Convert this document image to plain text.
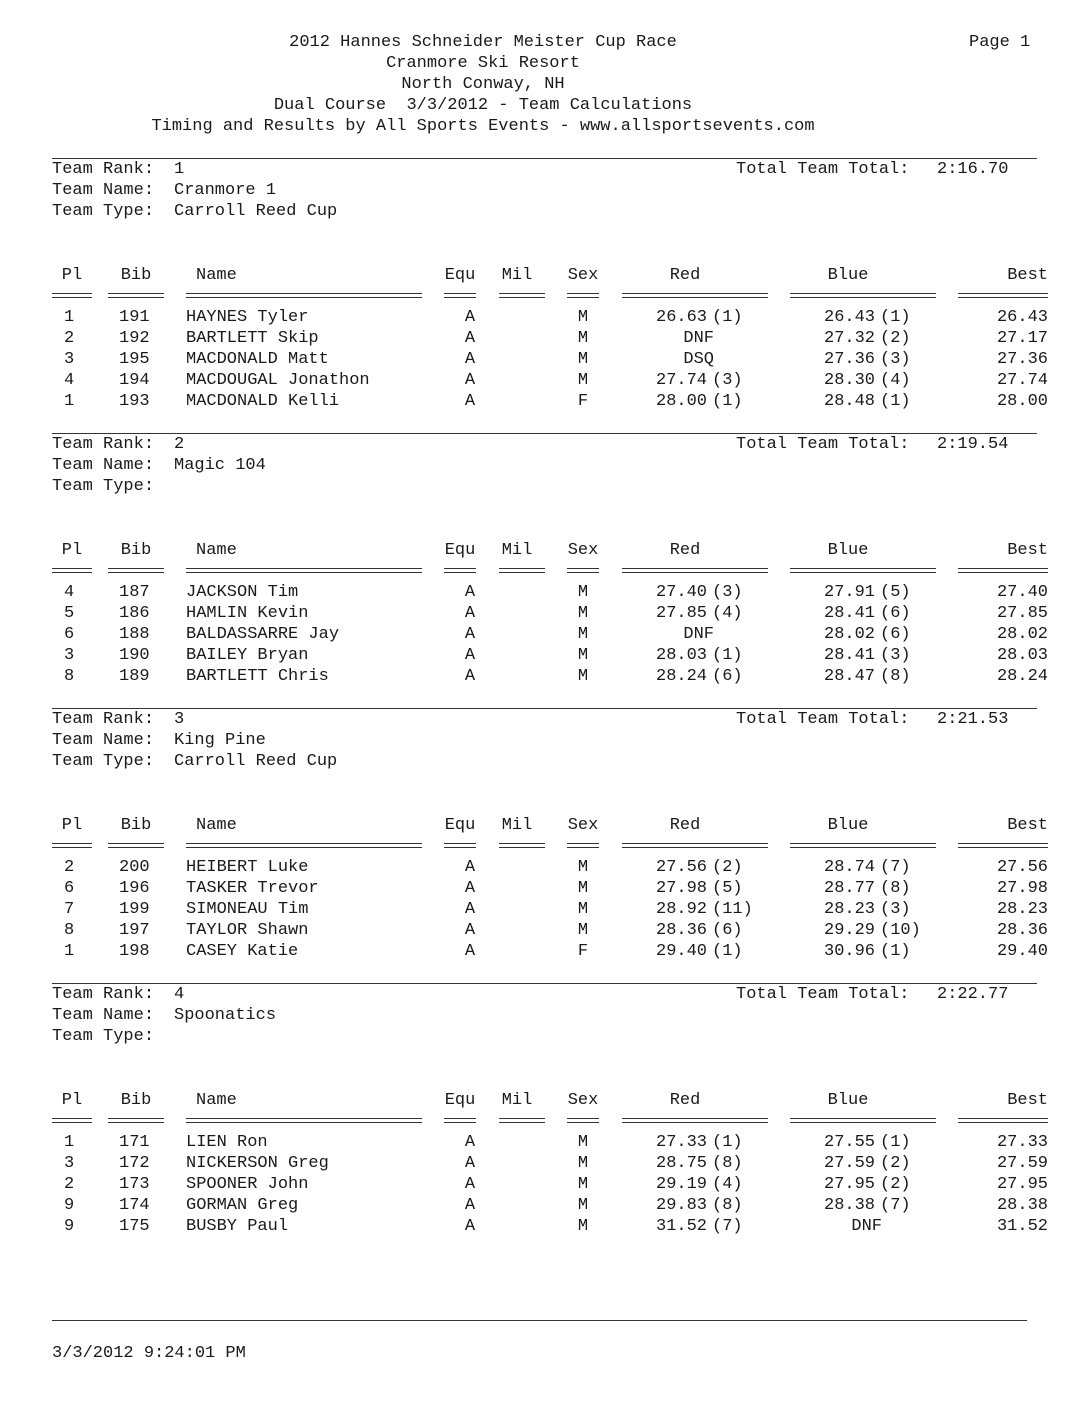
2012 Hannes Schneider Meister Cup Race
Cranmore Ski Resort
North Conway, NH
Dual Course  3/3/2012 - Team Calculations
Timing and Results by All Sports Events - www.allsportsevents.com
Page 1
Team Rank: 1	Total Team Total: 2:16.70
Team Name: Cranmore 1
Team Type: Carroll Reed Cup
Pl	Bib	Name	Equ	Mil	Sex	Red	Blue	Best
1	191 HAYNES Tyler	A	M	26.63 (1)	26.43 (1)	26.43
2	192 BARTLETT Skip	A	M	DNF	27.32 (2)	27.17
3	195 MACDONALD Matt	A	M	DSQ	27.36 (3)	27.36
4	194 MACDOUGAL Jonathon	A	M	27.74 (3)	28.30 (4)	27.74
1	193 MACDONALD Kelli	A	F	28.00 (1)	28.48 (1)	28.00
Team Rank: 2	Total Team Total: 2:19.54
Team Name: Magic 104
Team Type:
Pl	Bib	Name	Equ	Mil	Sex	Red	Blue	Best
4	187 JACKSON Tim	A	M	27.40 (3)	27.91 (5)	27.40
5	186 HAMLIN Kevin	A	M	27.85 (4)	28.41 (6)	27.85
6	188 BALDASSARRE Jay	A	M	DNF	28.02 (6)	28.02
3	190 BAILEY Bryan	A	M	28.03 (1)	28.41 (3)	28.03
8	189 BARTLETT Chris	A	M	28.24 (6)	28.47 (8)	28.24
Team Rank: 3	Total Team Total: 2:21.53
Team Name: King Pine
Team Type: Carroll Reed Cup
Pl	Bib	Name	Equ	Mil	Sex	Red	Blue	Best
2	200 HEIBERT Luke	A	M	27.56 (2)	28.74 (7)	27.56
6	196 TASKER Trevor	A	M	27.98 (5)	28.77 (8)	27.98
7	199 SIMONEAU Tim	A	M	28.92 (11)	28.23 (3)	28.23
8	197 TAYLOR Shawn	A	M	28.36 (6)	29.29 (10)	28.36
1	198 CASEY Katie	A	F	29.40 (1)	30.96 (1)	29.40
Team Rank: 4	Total Team Total: 2:22.77
Team Name: Spoonatics
Team Type:
Pl	Bib	Name	Equ	Mil	Sex	Red	Blue	Best
1	171 LIEN Ron	A	M	27.33 (1)	27.55 (1)	27.33
3	172 NICKERSON Greg	A	M	28.75 (8)	27.59 (2)	27.59
2	173 SPOONER John	A	M	29.19 (4)	27.95 (2)	27.95
9	174 GORMAN Greg	A	M	29.83 (8)	28.38 (7)	28.38
9	175 BUSBY Paul	A	M	31.52 (7)	DNF	31.52
3/3/2012 9:24:01 PM
